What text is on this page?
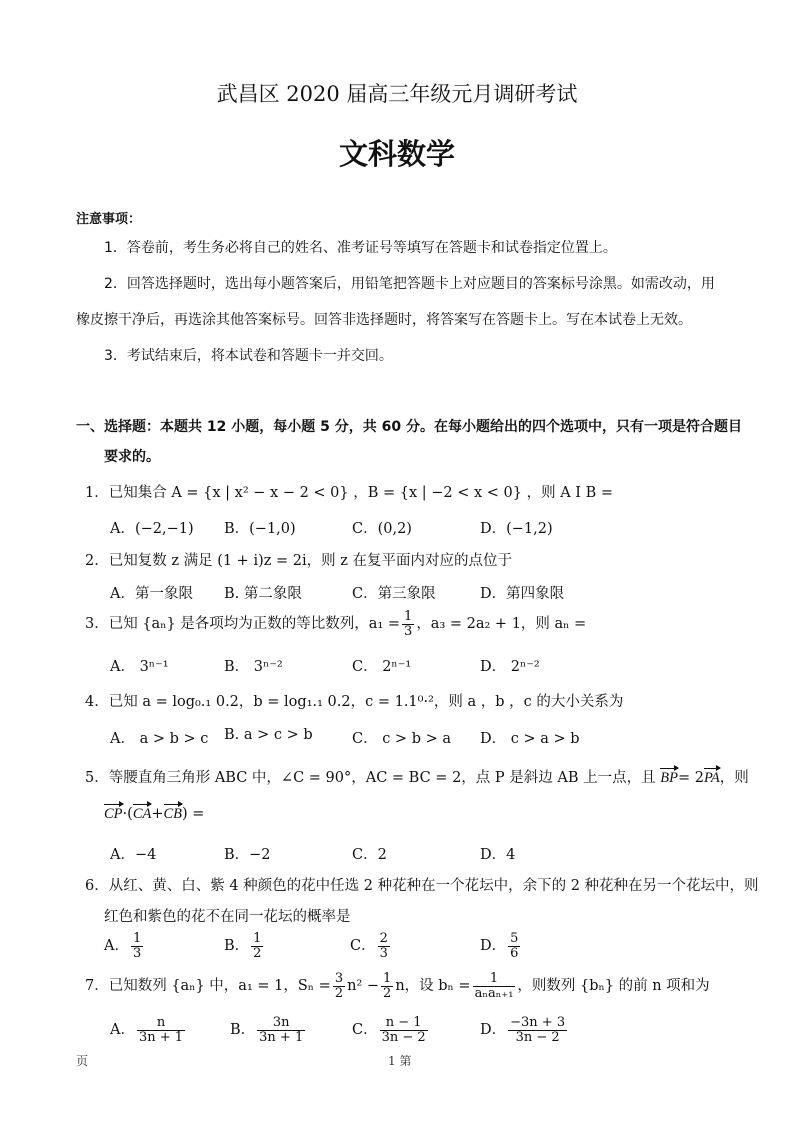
武昌区 2020 届高三年级元月调研考试
文科数学
注意事项：
1．答卷前，考生务必将自己的姓名、准考证号等填写在答题卡和试卷指定位置上。
2．回答选择题时，选出每小题答案后，用铅笔把答题卡上对应题目的答案标号涂黑。如需改动，用
橡皮擦干净后，再选涂其他答案标号。回答非选择题时，将答案写在答题卡上。写在本试卷上无效。
3．考试结束后，将本试卷和答题卡一并交回。
一、选择题：本题共 12 小题，每小题 5 分，共 60 分。在每小题给出的四个选项中，只有一项是符合题目
要求的。
1．已知集合 A = {x | x² − x − 2 < 0} ，B = {x | −2 < x < 0} ，则 A I B =
A．(−2,−1) B．(−1,0)	C．(0,2)	D．(−1,2)
2．已知复数 z 满足 (1 + i)z = 2i，则 z 在复平面内对应的点位于
A．第一象限 B. 第二象限	C．第三象限	D．第四象限
3．已知 {aₙ} 是各项均为正数的等比数列，$a_1 = \frac{1}{3}$ ，a₃ = 2a₂ + 1，则 aₙ =
A． 3ⁿ⁻¹	B． 3ⁿ⁻²	C． 2ⁿ⁻¹	D． 2ⁿ⁻²
4．已知 a = log₀.₁ 0.2，b = log₁.₁ 0.2，c = 1.1⁰·²，则 a ，b ，c 的大小关系为
A． a > b > c B. a > c > b	C． c > b > a D． c > a > b
5．等腰直角三角形 ABC 中，∠C = 90°，AC = BC = 2，点 P 是斜边 AB 上一点，且 BP= 2PA，则
CP·(CA+CB) =
A．−4	B．−2	C．2	D．4
6．从红、黄、白、紫 4 种颜色的花中任选 2 种花种在一个花坛中，余下的 2 种花种在另一个花坛中，则
红色和紫色的花不在同一花坛的概率是
A． $\frac{1}{3}$	B． $\frac{1}{2}$	C． $\frac{2}{3}$	D． $\frac{5}{6}$
7．已知数列 {aₙ} 中，a₁ = 1，$S_n = \frac{3}{2} n^2 - \frac{1}{2}$ n，设 $b_n = \frac{1}{\text{aₙaₙ₊₁}}$ ，则数列 {bₙ} 的前 n 项和为
A． $\frac{n}{3n + 1}$	B． $\frac{3n}{3n + 1}$	C． $\frac{n - 1}{3n - 2}$	D． $\frac{-3n + 3}{3n - 2}$
页	1 第
